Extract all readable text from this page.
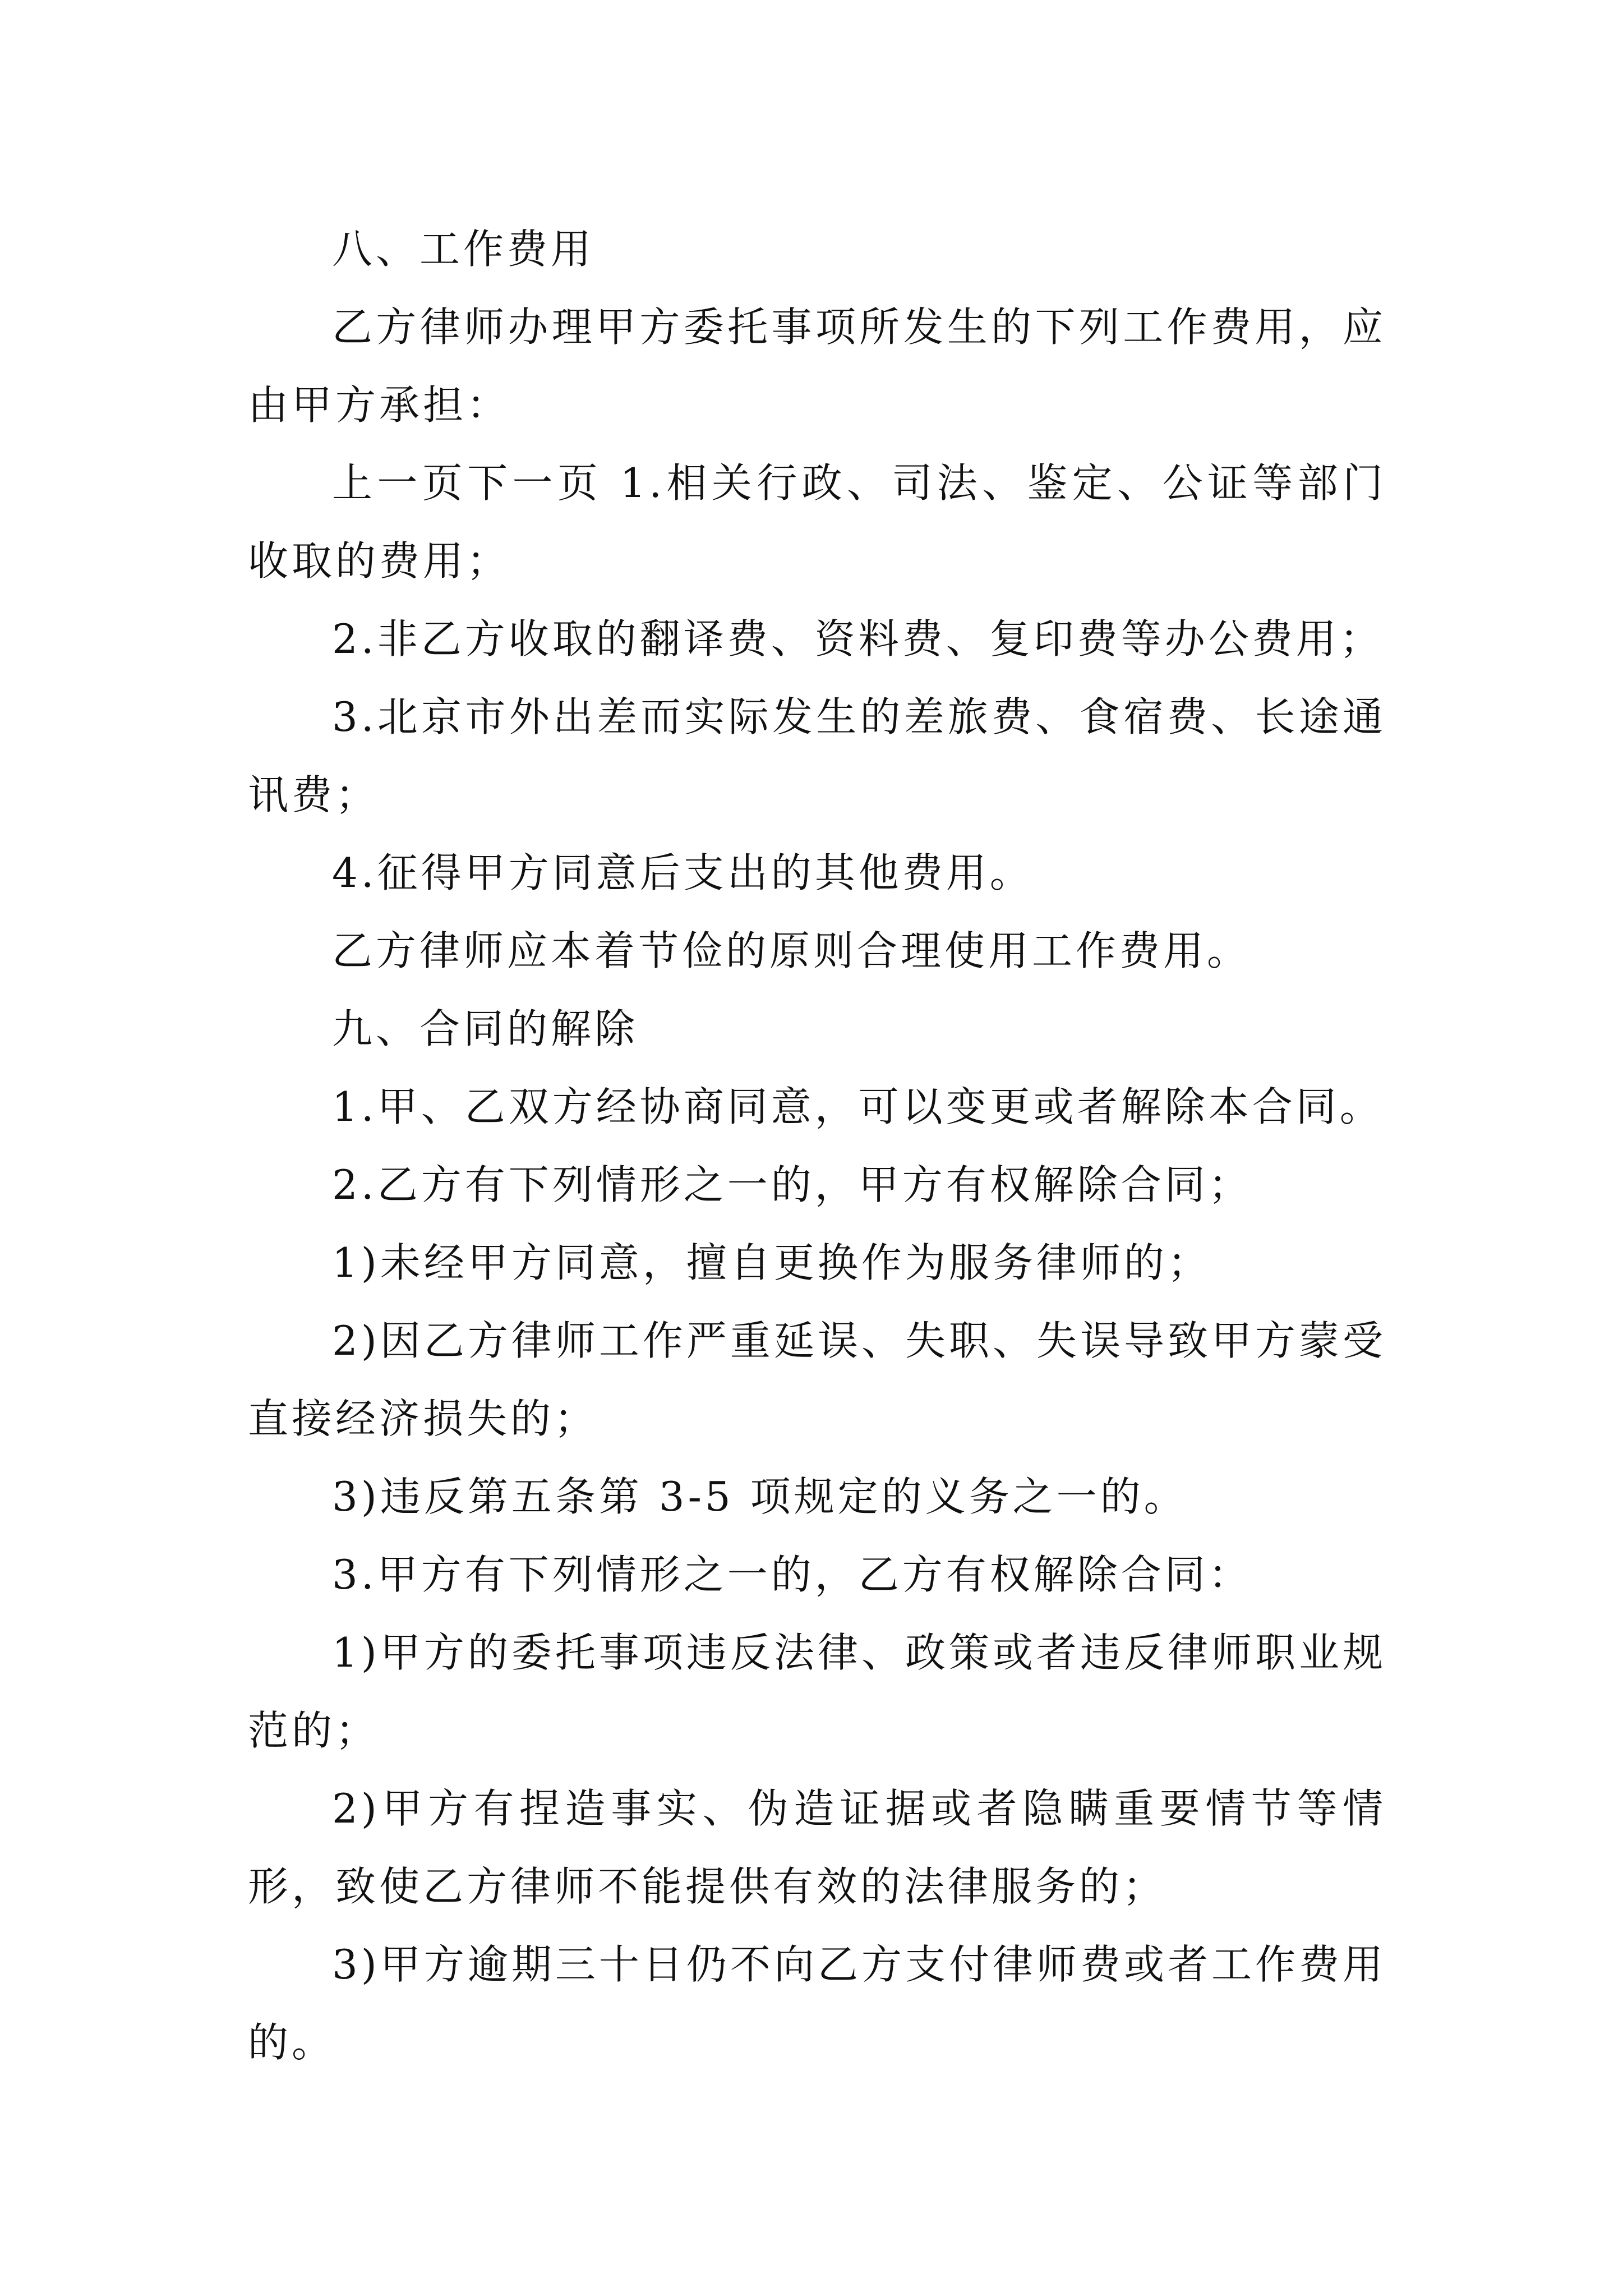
八、工作费用

乙方律师办理甲方委托事项所发生的下列工作费用，应由甲方承担：

上一页下一页 1.相关行政、司法、鉴定、公证等部门收取的费用；

2.非乙方收取的翻译费、资料费、复印费等办公费用；

3.北京市外出差而实际发生的差旅费、食宿费、长途通讯费；

4.征得甲方同意后支出的其他费用。

乙方律师应本着节俭的原则合理使用工作费用。

九、合同的解除

1.甲、乙双方经协商同意，可以变更或者解除本合同。

2.乙方有下列情形之一的，甲方有权解除合同；

1)未经甲方同意，擅自更换作为服务律师的；

2)因乙方律师工作严重延误、失职、失误导致甲方蒙受直接经济损失的；

3)违反第五条第 3-5 项规定的义务之一的。

3.甲方有下列情形之一的，乙方有权解除合同：

1)甲方的委托事项违反法律、政策或者违反律师职业规范的；

2)甲方有捏造事实、伪造证据或者隐瞒重要情节等情形，致使乙方律师不能提供有效的法律服务的；

3)甲方逾期三十日仍不向乙方支付律师费或者工作费用的。
